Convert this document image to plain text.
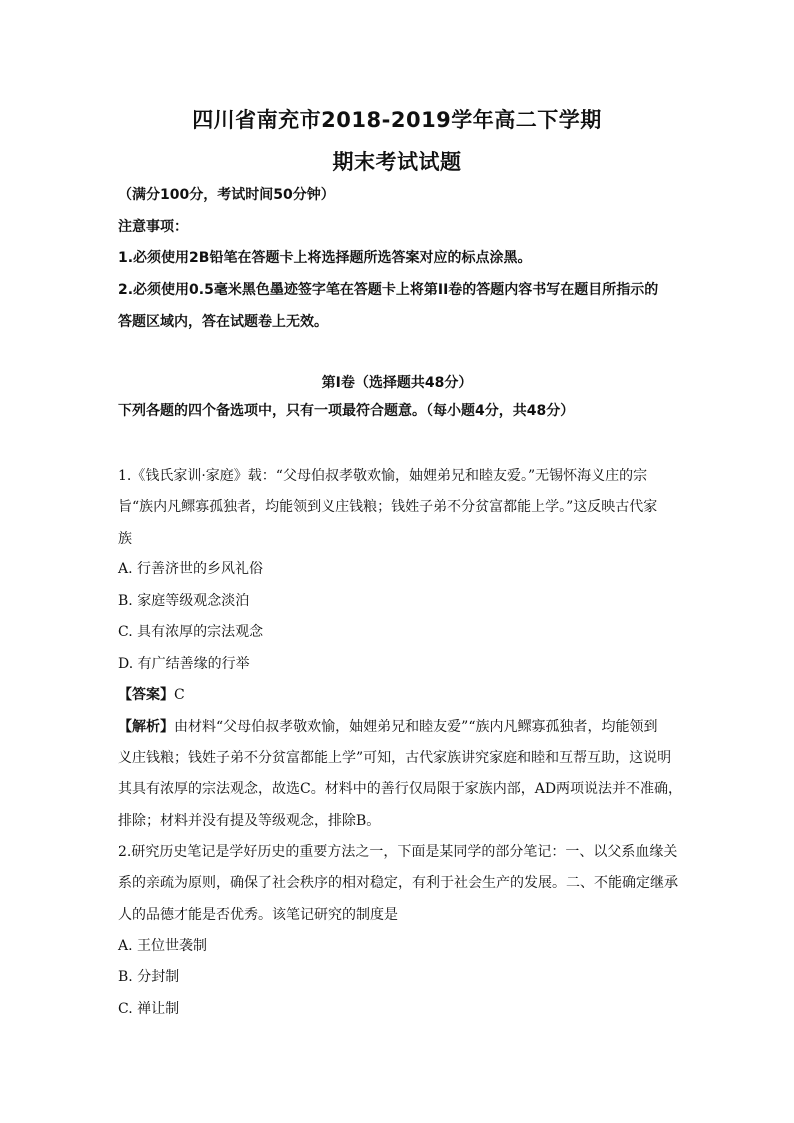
四川省南充市2018-2019学年高二下学期
期末考试试题
（满分100分，考试时间50分钟）
注意事项：
1.必须使用2B铅笔在答题卡上将选择题所选答案对应的标点涂黑。
2.必须使用0.5毫米黑色墨迹签字笔在答题卡上将第II卷的答题内容书写在题目所指示的
答题区域内，答在试题卷上无效。
第I卷（选择题共48分）
下列各题的四个备选项中，只有一项最符合题意。（每小题4分，共48分）
1.《钱氏家训·家庭》载：“父母伯叔孝敬欢愉，妯娌弟兄和睦友爱。”无锡怀海义庄的宗
旨“族内凡鳏寡孤独者，均能领到义庄钱粮；钱姓子弟不分贫富都能上学。”这反映古代家
族
A. 行善济世的乡风礼俗
B. 家庭等级观念淡泊
C. 具有浓厚的宗法观念
D. 有广结善缘的行举
【答案】C
【解析】由材料“父母伯叔孝敬欢愉，妯娌弟兄和睦友爱”“族内凡鳏寡孤独者，均能领到
义庄钱粮；钱姓子弟不分贫富都能上学”可知，古代家族讲究家庭和睦和互帮互助，这说明
其具有浓厚的宗法观念，故选C。材料中的善行仅局限于家族内部，AD两项说法并不准确，
排除；材料并没有提及等级观念，排除B。
2.研究历史笔记是学好历史的重要方法之一，下面是某同学的部分笔记：一、以父系血缘关
系的亲疏为原则，确保了社会秩序的相对稳定，有利于社会生产的发展。二、不能确定继承
人的品德才能是否优秀。该笔记研究的制度是
A. 王位世袭制
B. 分封制
C. 禅让制
